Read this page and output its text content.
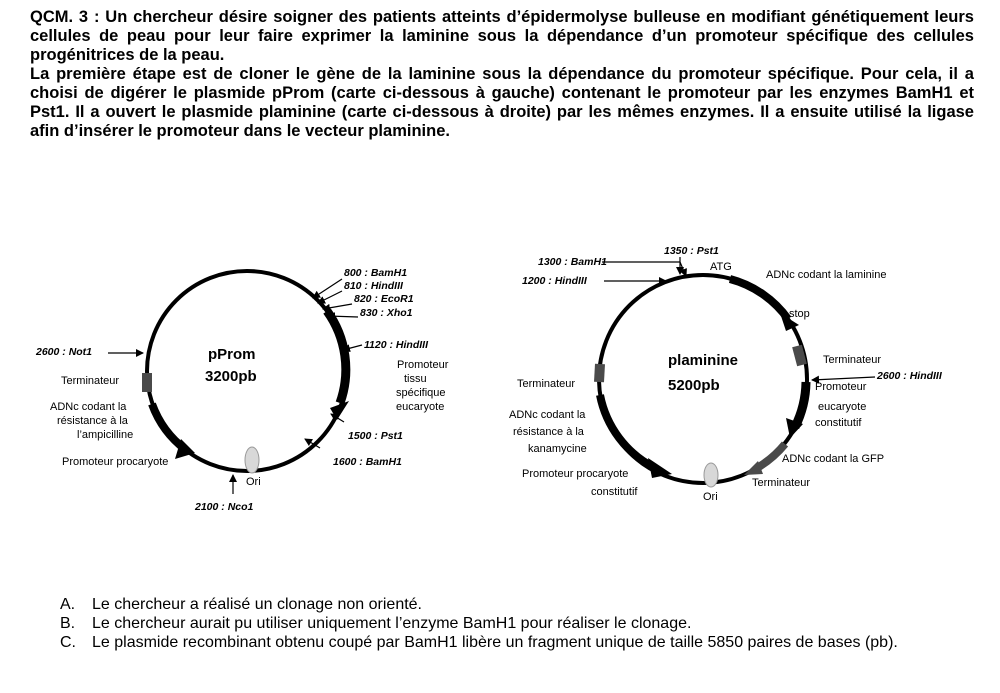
QCM. 3 : Un chercheur désire soigner des patients atteints d’épidermolyse bulleuse en modifiant génétiquement leurs cellules de peau pour leur faire exprimer la laminine sous la dépendance d’un promoteur spécifique des cellules progénitrices de la peau.

La première étape est de cloner le gène de la laminine sous la dépendance du promoteur spécifique. Pour cela, il a choisi de digérer le plasmide pProm (carte ci-dessous à gauche) contenant le promoteur par les enzymes BamH1 et Pst1. Il a ouvert le plasmide plaminine (carte ci-dessous à droite) par les mêmes enzymes. Il a ensuite utilisé la ligase afin d’insérer le promoteur dans le vecteur plaminine.

pProm
3200pb
800 : BamH1
810 : HindIII
820 : EcoR1
830 : Xho1
1120 : HindIII
Promoteur
tissu
spécifique
eucaryote
1500 : Pst1
1600 : BamH1
Ori
2100 : Nco1
2600 : Not1
Terminateur
ADNc codant la
résistance à la
l’ampicilline
Promoteur procaryote
plaminine
5200pb
1300 : BamH1
1350 : Pst1
1200 : HindIII
ATG
ADNc codant la laminine
stop
Terminateur
2600 : HindIII
Promoteur
eucaryote
constitutif
ADNc codant la GFP
Terminateur
Ori
Promoteur procaryote
constitutif
ADNc codant la
résistance à la
kanamycine
Terminateur
A. Le chercheur a réalisé un clonage non orienté.
B. Le chercheur aurait pu utiliser uniquement l’enzyme BamH1 pour réaliser le clonage.
C. Le plasmide recombinant obtenu coupé par BamH1 libère un fragment unique de taille 5850 paires de bases (pb).
